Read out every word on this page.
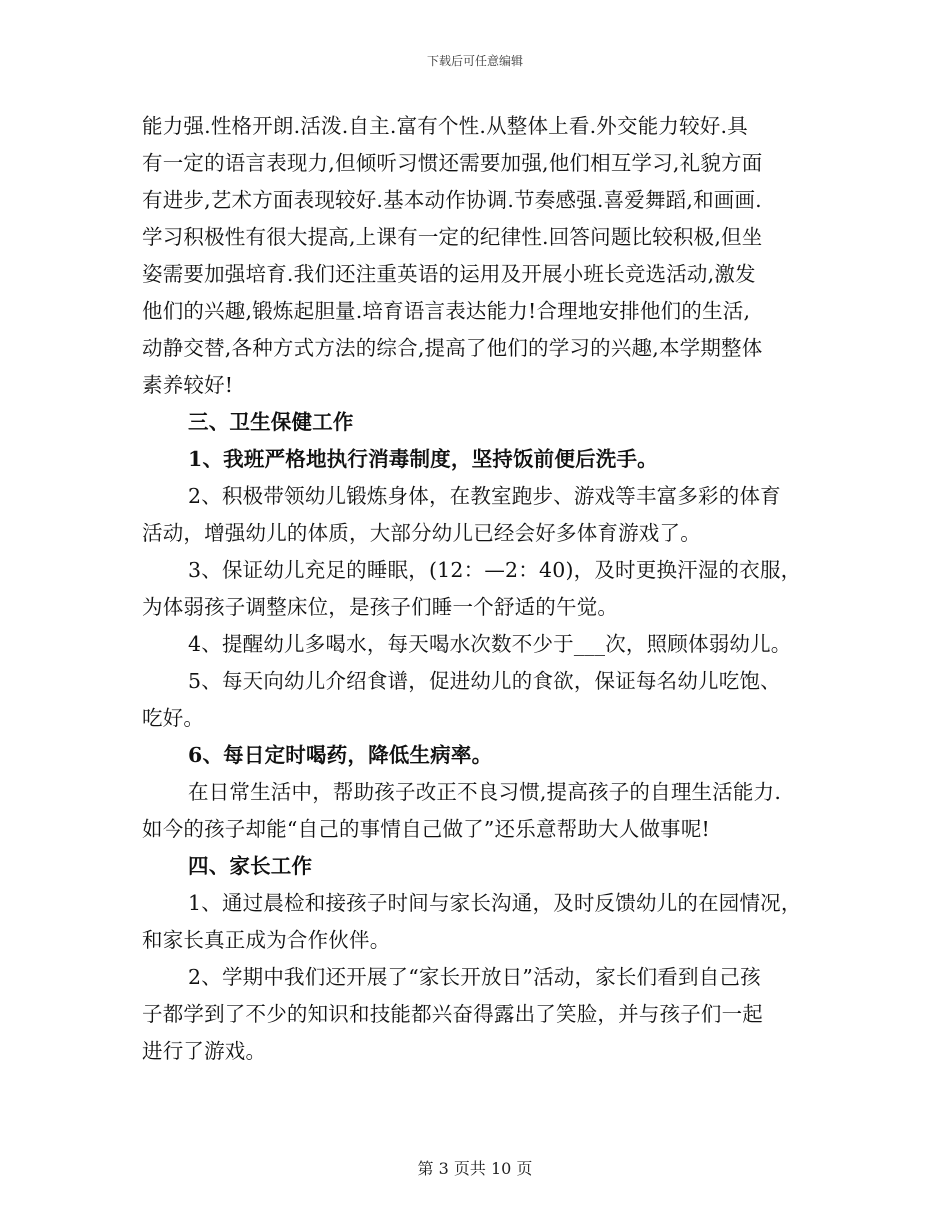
下载后可任意编辑
能力强.性格开朗.活泼.自主.富有个性.从整体上看.外交能力较好.具
有一定的语言表现力,但倾听习惯还需要加强,他们相互学习,礼貌方面
有进步,艺术方面表现较好.基本动作协调.节奏感强.喜爱舞蹈,和画画.
学习积极性有很大提高,上课有一定的纪律性.回答问题比较积极,但坐
姿需要加强培育.我们还注重英语的运用及开展小班长竞选活动,激发
他们的兴趣,锻炼起胆量.培育语言表达能力!合理地安排他们的生活,
动静交替,各种方式方法的综合,提高了他们的学习的兴趣,本学期整体
素养较好!
三、卫生保健工作
1、我班严格地执行消毒制度，坚持饭前便后洗手。
2、积极带领幼儿锻炼身体，在教室跑步、游戏等丰富多彩的体育
活动，增强幼儿的体质，大部分幼儿已经会好多体育游戏了。
3、保证幼儿充足的睡眠，(12：—2：40)，及时更换汗湿的衣服，
为体弱孩子调整床位，是孩子们睡一个舒适的午觉。
4、提醒幼儿多喝水，每天喝水次数不少于___次，照顾体弱幼儿。
5、每天向幼儿介绍食谱，促进幼儿的食欲，保证每名幼儿吃饱、
吃好。
6、每日定时喝药，降低生病率。
在日常生活中，帮助孩子改正不良习惯,提高孩子的自理生活能力.
如今的孩子却能“自己的事情自己做了”还乐意帮助大人做事呢!
四、家长工作
1、通过晨检和接孩子时间与家长沟通，及时反馈幼儿的在园情况，
和家长真正成为合作伙伴。
2、学期中我们还开展了“家长开放日”活动，家长们看到自己孩
子都学到了不少的知识和技能都兴奋得露出了笑脸，并与孩子们一起
进行了游戏。
第 3 页共 10 页
